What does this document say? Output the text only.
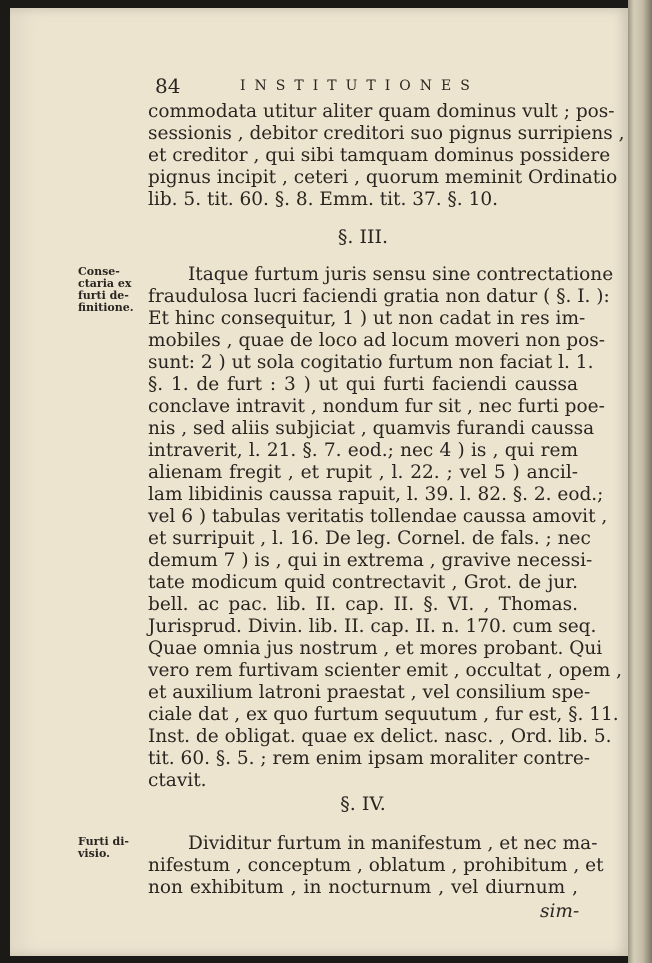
84	INSTITUTIONES
commodata utitur aliter quam dominus vult ; pos-
sessionis , debitor creditori suo pignus surripiens ,
et creditor , qui sibi tamquam dominus possidere
pignus incipit , ceteri , quorum meminit Ordinatio
lib. 5. tit. 60. §. 8. Emm. tit. 37. §. 10.
§. III.
Conse-
ctaria ex
furti de-
finitione.
Itaque furtum juris sensu sine contrectatione
fraudulosa lucri faciendi gratia non datur ( §. I. ):
Et hinc consequitur, 1 ) ut non cadat in res im-
mobiles , quae de loco ad locum moveri non pos-
sunt: 2 ) ut sola cogitatio furtum non faciat l. 1.
§. 1. de furt : 3 ) ut qui furti faciendi caussa
conclave intravit , nondum fur sit , nec furti poe-
nis , sed aliis subjiciat , quamvis furandi caussa
intraverit, l. 21. §. 7. eod.; nec 4 ) is , qui rem
alienam fregit , et rupit , l. 22. ; vel 5 ) ancil-
lam libidinis caussa rapuit, l. 39. l. 82. §. 2. eod.;
vel 6 ) tabulas veritatis tollendae caussa amovit ,
et surripuit , l. 16. De leg. Cornel. de fals. ; nec
demum 7 ) is , qui in extrema , gravive necessi-
tate modicum quid contrectavit , Grot. de jur.
bell. ac pac. lib. II. cap. II. §. VI. , Thomas.
Jurisprud. Divin. lib. II. cap. II. n. 170. cum seq.
Quae omnia jus nostrum , et mores probant. Qui
vero rem furtivam scienter emit , occultat , opem ,
et auxilium latroni praestat , vel consilium spe-
ciale dat , ex quo furtum sequutum , fur est, §. 11.
Inst. de obligat. quae ex delict. nasc. , Ord. lib. 5.
tit. 60. §. 5. ; rem enim ipsam moraliter contre-
ctavit.
§. IV.
Furti di-
visio.	Dividitur furtum in manifestum , et nec ma-
nifestum , conceptum , oblatum , prohibitum , et
non exhibitum , in nocturnum , vel diurnum ,
sim-
